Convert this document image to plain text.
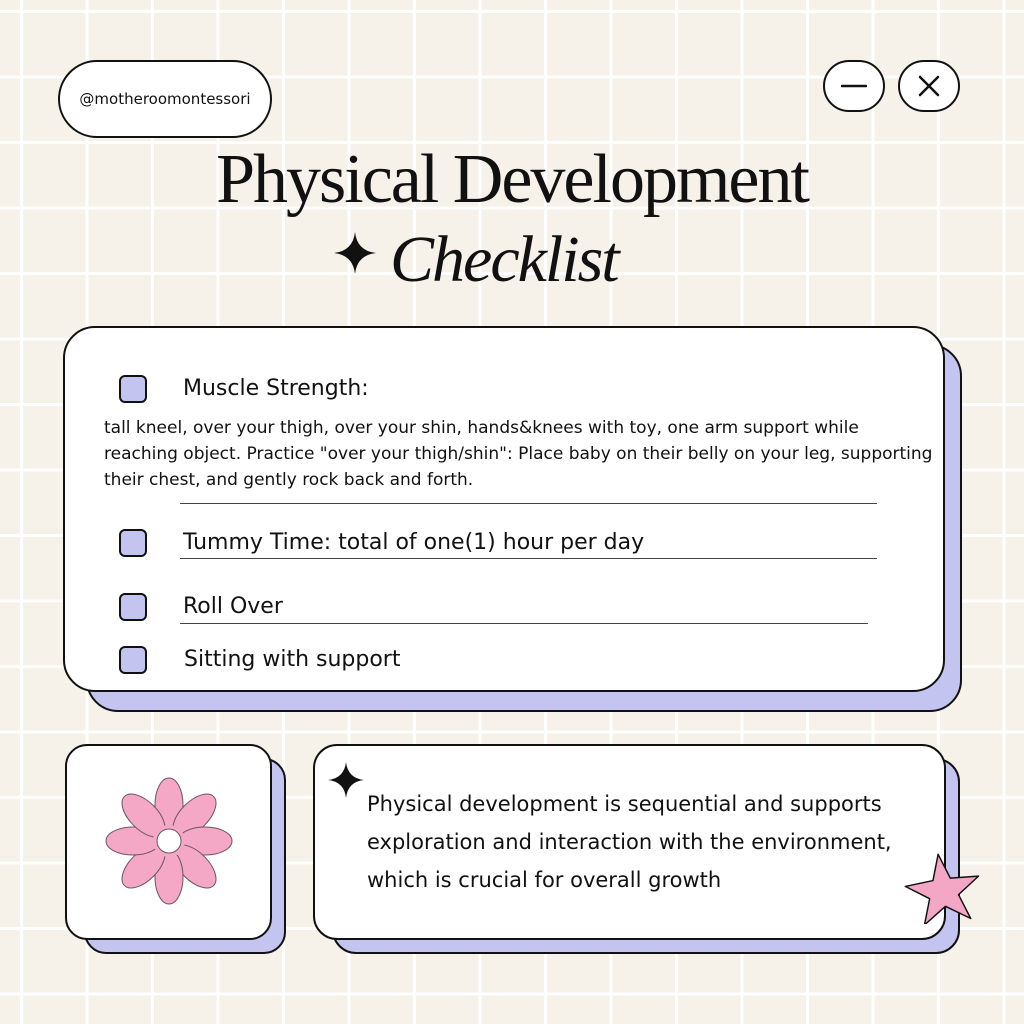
@motheroomontessori
Physical Development
Checklist
Muscle Strength:
tall kneel, over your thigh, over your shin, hands&knees with toy, one arm support while reaching object. Practice "over your thigh/shin": Place baby on their belly on your leg, supporting their chest, and gently rock back and forth.
Tummy Time: total of one(1) hour per day
Roll Over
Sitting with support
Physical development is sequential and supports exploration and interaction with the environment, which is crucial for overall growth
